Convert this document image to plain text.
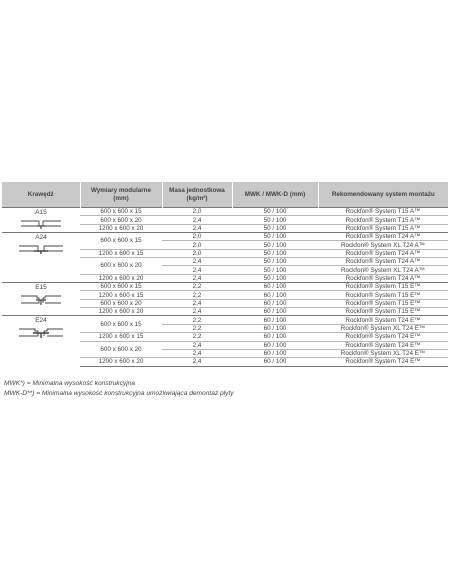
Krawędź	Wymiary modularne (mm)	Masa jednostkowa (kg/m²)	MWK / MWK-D (mm)	Rekomendowany system montażu

A15	600 x 600 x 15	2,0	50 / 100	Rockfon® System T15 A™
	600 x 600 x 20	2,4	50 / 100	Rockfon® System T15 A™
	1200 x 600 x 20	2,4	50 / 100	Rockfon® System T15 A™

A24	600 x 600 x 15	2,0	50 / 100	Rockfon® System T24 A™
		2,0	50 / 100	Rockfon® System XL T24 A™
	1200 x 600 x 15	2,0	50 / 100	Rockfon® System T24 A™
	600 x 600 x 20	2,4	50 / 100	Rockfon® System T24 A™
		2,4	50 / 100	Rockfon® System XL T24 A™
	1200 x 600 x 20	2,4	50 / 100	Rockfon® System T24 A™

E15	600 x 600 x 15	2,2	60 / 100	Rockfon® System T15 E™
	1200 x 600 x 15	2,2	60 / 100	Rockfon® System T15 E™
	600 x 600 x 20	2,4	60 / 100	Rockfon® System T15 E™
	1200 x 600 x 20	2,4	60 / 100	Rockfon® System T15 E™

E24	600 x 600 x 15	2,2	60 / 100	Rockfon® System T24 E™
		2,2	60 / 100	Rockfon® System XL T24 E™
	1200 x 600 x 15	2,2	60 / 100	Rockfon® System T24 E™
	600 x 600 x 20	2,4	60 / 100	Rockfon® System T24 E™
		2,4	60 / 100	Rockfon® System XL T24 E™
	1200 x 600 x 20	2,4	60 / 100	Rockfon® System T24 E™
MWK*) = Minimalna wysokość konstrukcyjna
MWK-D**) = Minimalna wysokość konstrukcyjna umożliwiająca demontaż płyty
